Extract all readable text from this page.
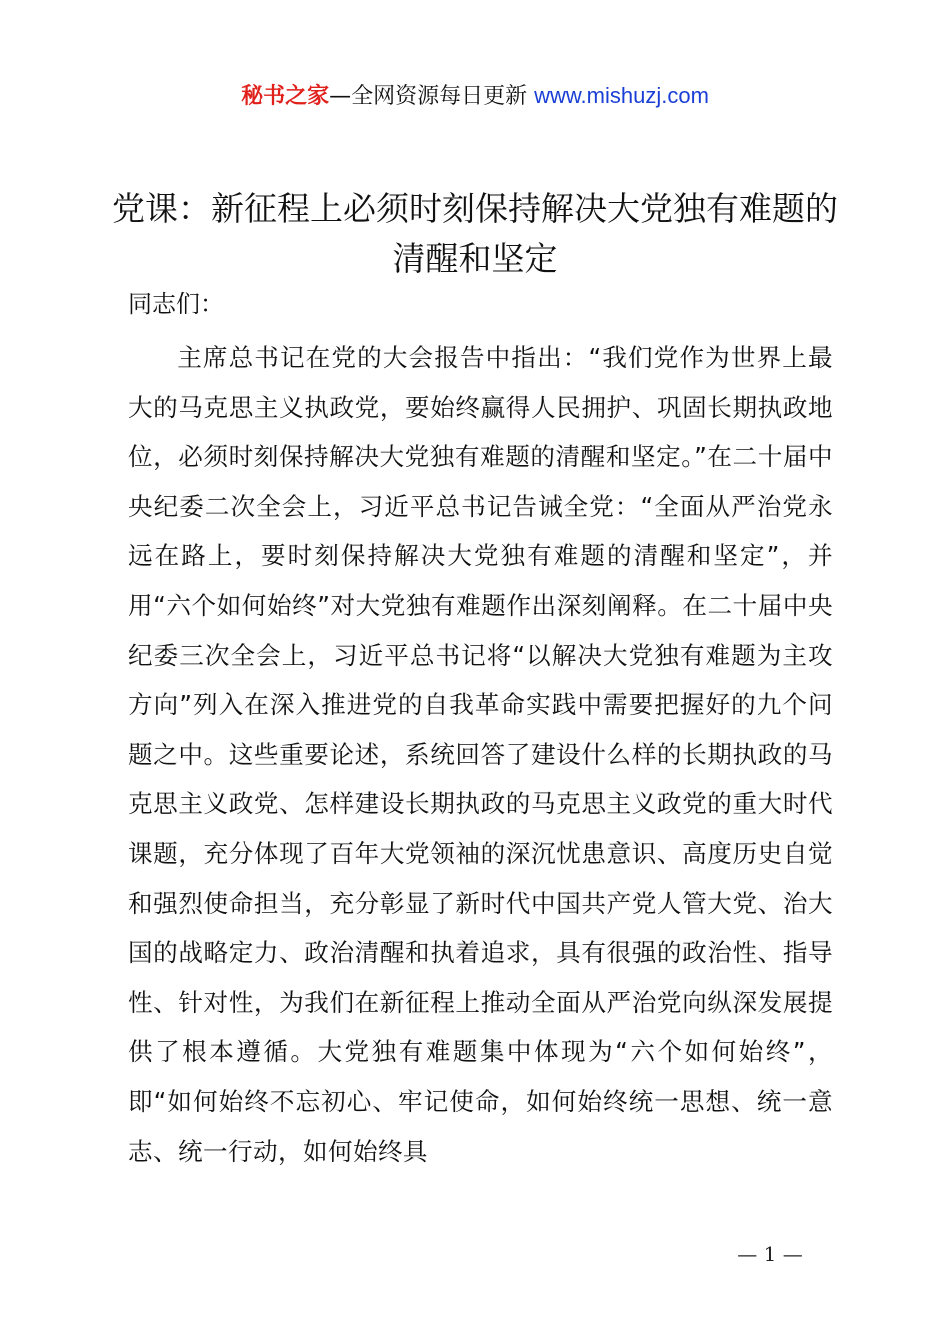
秘书之家—全网资源每日更新 www.mishuzj.com
党课：新征程上必须时刻保持解决大党独有难题的清醒和坚定

同志们：

主席总书记在党的大会报告中指出：“我们党作为世界上最大的马克思主义执政党，要始终赢得人民拥护、巩固长期执政地位，必须时刻保持解决大党独有难题的清醒和坚定。”在二十届中央纪委二次全会上，习近平总书记告诫全党：“全面从严治党永远在路上，要时刻保持解决大党独有难题的清醒和坚定”，并用“六个如何始终”对大党独有难题作出深刻阐释。在二十届中央纪委三次全会上，习近平总书记将“以解决大党独有难题为主攻方向”列入在深入推进党的自我革命实践中需要把握好的九个问题之中。这些重要论述，系统回答了建设什么样的长期执政的马克思主义政党、怎样建设长期执政的马克思主义政党的重大时代课题，充分体现了百年大党领袖的深沉忧患意识、高度历史自觉和强烈使命担当，充分彰显了新时代中国共产党人管大党、治大国的战略定力、政治清醒和执着追求，具有很强的政治性、指导性、针对性，为我们在新征程上推动全面从严治党向纵深发展提供了根本遵循。大党独有难题集中体现为“六个如何始终”，即“如何始终不忘初心、牢记使命，如何始终统一思想、统一意志、统一行动，如何始终具

— 1 —
